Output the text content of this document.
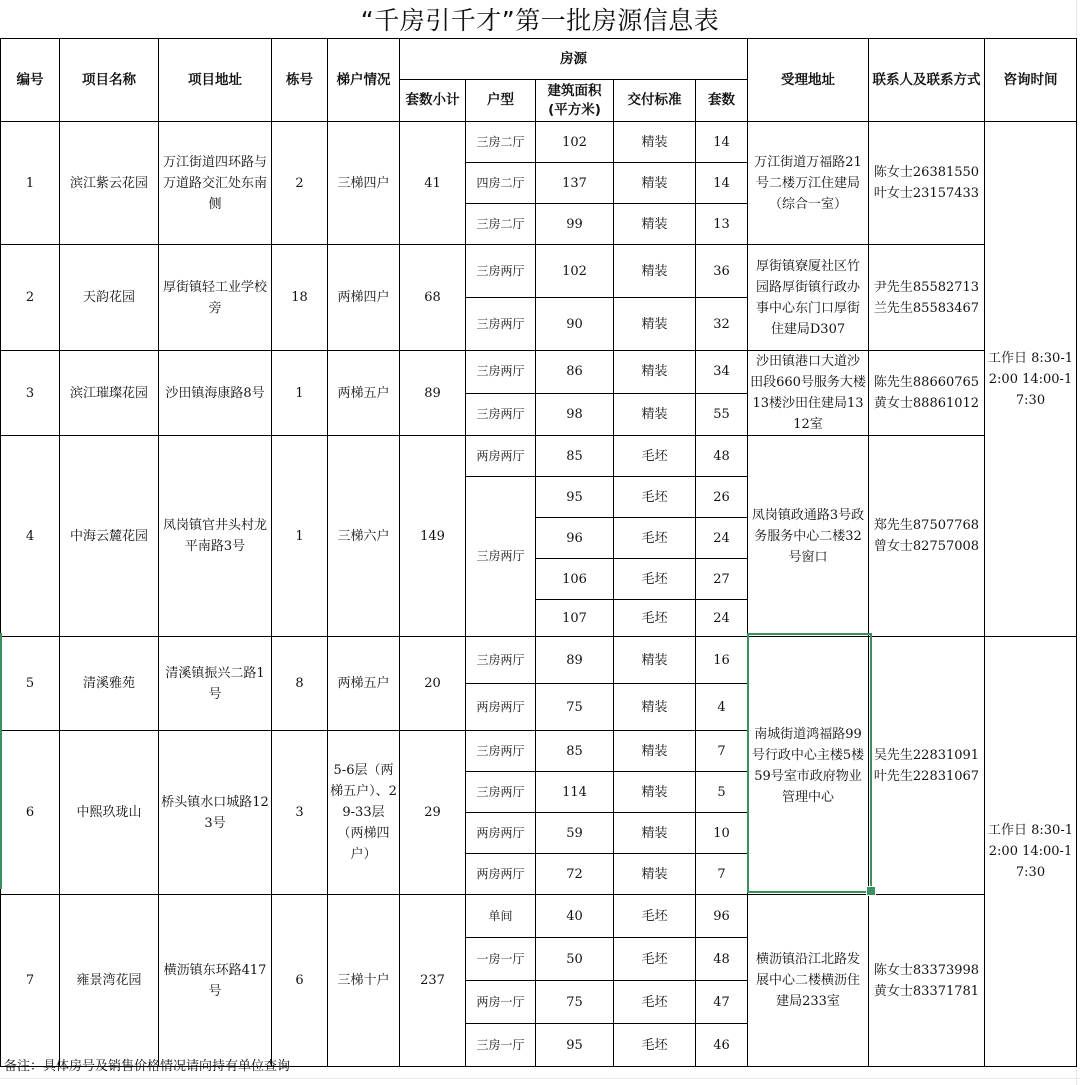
“千房引千才”第一批房源信息表
编号	项目名称	项目地址	栋号	梯户情况	房源					受理地址	联系人及联系方式	咨询时间
					套数小计	户型	建筑面积(平方米)	交付标准	套数			
1	滨江紫云花园	万江街道四环路与万道路交汇处东南侧	2	三梯四户	41	三房二厅	102	精装	14	万江街道万福路21号二楼万江住建局（综合一室）	陈女士26381550 叶女士23157433	工作日 8:30-12:00 14:00-17:30
						四房二厅	137	精装	14			
						三房二厅	99	精装	13			
2	天韵花园	厚街镇轻工业学校旁	18	两梯四户	68	三房两厅	102	精装	36	厚街镇寮厦社区竹园路厚街镇行政办事中心东门口厚街住建局D307	尹先生85582713 兰先生85583467	
						三房两厅	90	精装	32			
3	滨江璀璨花园	沙田镇海康路8号	1	两梯五户	89	三房两厅	86	精装	34	沙田镇港口大道沙田段660号服务大楼13楼沙田住建局1312室	陈先生88660765 黄女士88861012	
						三房两厅	98	精装	55			
4	中海云麓花园	凤岗镇官井头村龙平南路3号	1	三梯六户	149	两房两厅	85	毛坯	48	凤岗镇政通路3号政务服务中心二楼32号窗口	郑先生87507768 曾女士82757008	
						三房两厅	95	毛坯	26			
							96	毛坯	24			
							106	毛坯	27			
							107	毛坯	24			
5	清溪雅苑	清溪镇振兴二路1号	8	两梯五户	20	三房两厅	89	精装	16	南城街道鸿福路99号行政中心主楼5楼59号室市政府物业管理中心	吴先生22831091 叶先生22831067	工作日 8:30-12:00 14:00-17:30
						两房两厅	75	精装	4			
6	中熙玖珑山	桥头镇水口城路123号	3	5-6层（两梯五户）、29-33层（两梯四户）	29	三房两厅	85	精装	7			
						三房两厅	114	精装	5			
						两房两厅	59	精装	10			
						两房两厅	72	精装	7			
7	雍景湾花园	横沥镇东环路417号	6	三梯十户	237	单间	40	毛坯	96	横沥镇沿江北路发展中心二楼横沥住建局233室	陈女士83373998 黄女士83371781	
						一房一厅	50	毛坯	48			
						两房一厅	75	毛坯	47			
						三房一厅	95	毛坯	46			
备注：具体房号及销售价格情况请向持有单位查询
